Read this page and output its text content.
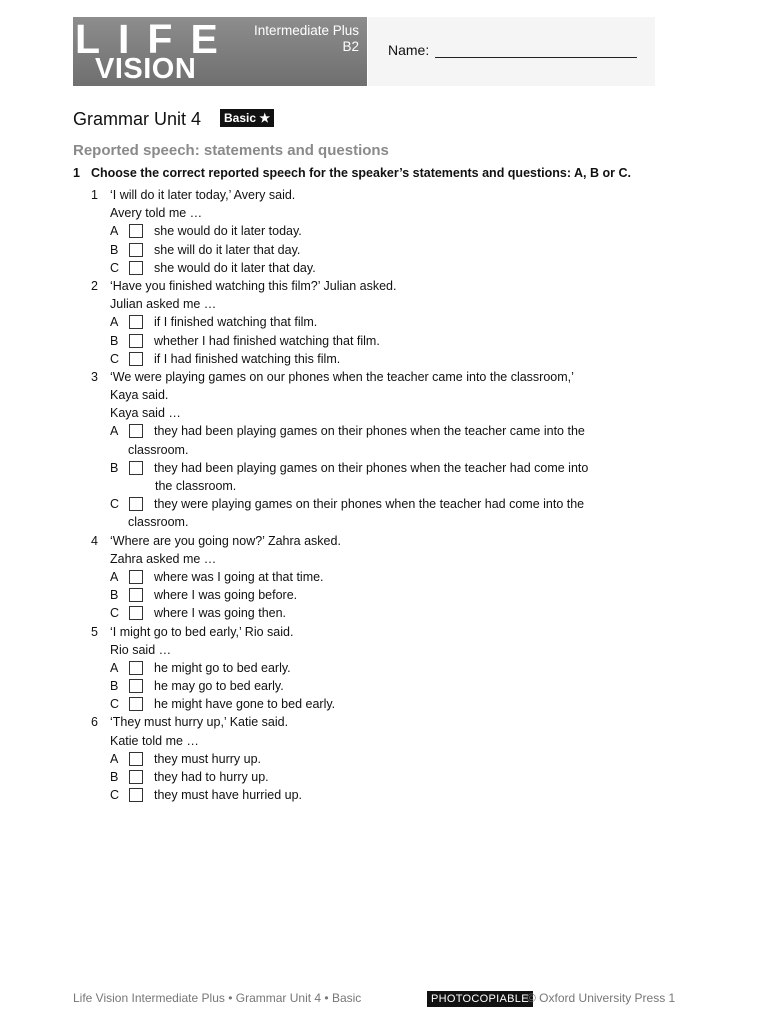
LIFE
VISION
Intermediate Plus
B2 Name:
Grammar Unit 4	Basic ★
Reported speech: statements and questions
1 Choose the correct reported speech for the speaker’s statements and questions: A, B or C.
1 ‘I will do it later today,’ Avery said.
Avery told me …
A	she would do it later today.
B	she will do it later that day.
C	she would do it later that day.
2 ‘Have you finished watching this film?’ Julian asked.
Julian asked me …
A	if I finished watching that film.
B	whether I had finished watching that film.
C	if I had finished watching this film.
3 ‘We were playing games on our phones when the teacher came into the classroom,’
Kaya said.
Kaya said …
A	they had been playing games on their phones when the teacher came into the
classroom.
B	they had been playing games on their phones when the teacher had come into
the classroom.
C	they were playing games on their phones when the teacher had come into the
classroom.
4 ‘Where are you going now?’ Zahra asked.
Zahra asked me …
A	where was I going at that time.
B	where I was going before.
C	where I was going then.
5 ‘I might go to bed early,’ Rio said.
Rio said …
A	he might go to bed early.
B	he may go to bed early.
C	he might have gone to bed early.
6 ‘They must hurry up,’ Katie said.
Katie told me …
A	they must hurry up.
B	they had to hurry up.
C	they must have hurried up.
Life Vision Intermediate Plus • Grammar Unit 4 • Basic	PHOTOCOPIABLE
© Oxford University Press 1
